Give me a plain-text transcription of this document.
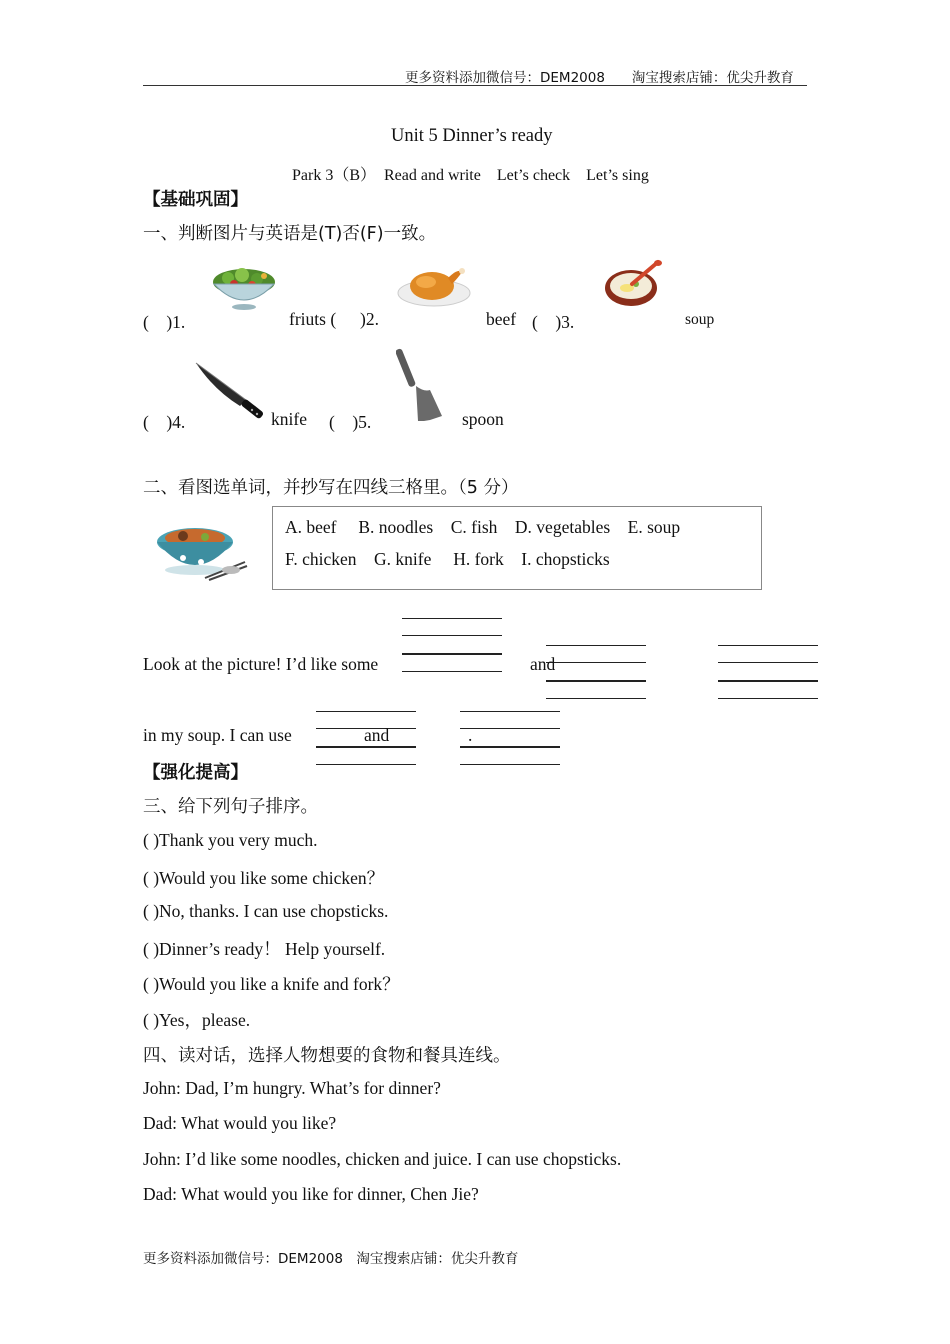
更多资料添加微信号：DEM2008　　淘宝搜索店铺：优尖升教育
Unit 5 Dinner’s ready
Park 3（B）　Read and write　Let’s check　Let’s sing
【基础巩固】
一、判断图片与英语是(T)否(F)一致。
(　)1.	friuts ( )2.	beef (　)3.	soup
(　)4.	knife (　)5.	spoon
二、看图选单词，并抄写在四线三格里。（5 分）
A. beef　 B. noodles　C. fish　D. vegetables　E. soup
F. chicken　G. knife　 H. fork　I. chopsticks
Look at the picture! I’d like some	and
in my soup. I can use	and	.
【强化提高】
三、给下列句子排序。
( )Thank you very much.
( )Would you like some chicken？
( )No, thanks. I can use chopsticks.
( )Dinner’s ready！ Help yourself.
( )Would you like a knife and fork？
( )Yes，please.
四、读对话，选择人物想要的食物和餐具连线。
John: Dad, I’m hungry. What’s for dinner?
Dad: What would you like?
John: I’d like some noodles, chicken and juice. I can use chopsticks.
Dad: What would you like for dinner, Chen Jie?
更多资料添加微信号：DEM2008　淘宝搜索店铺：优尖升教育
